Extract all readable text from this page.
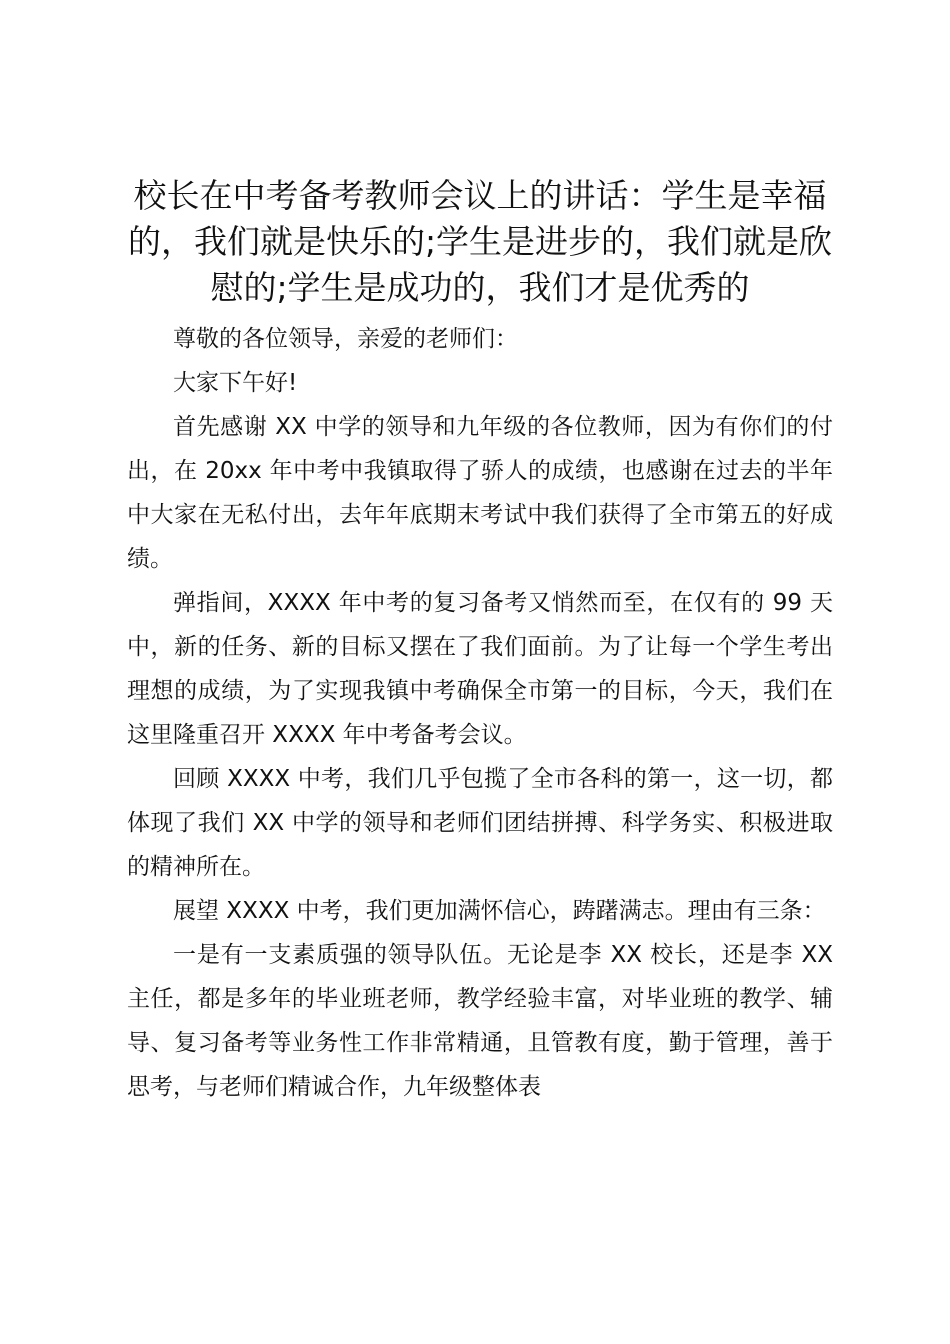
校长在中考备考教师会议上的讲话：学生是幸福的，我们就是快乐的;学生是进步的，我们就是欣慰的;学生是成功的，我们才是优秀的

尊敬的各位领导，亲爱的老师们：

大家下午好!

首先感谢 XX 中学的领导和九年级的各位教师，因为有你们的付出，在 20xx 年中考中我镇取得了骄人的成绩，也感谢在过去的半年中大家在无私付出，去年年底期末考试中我们获得了全市第五的好成绩。

弹指间，XXXX 年中考的复习备考又悄然而至，在仅有的 99 天中，新的任务、新的目标又摆在了我们面前。为了让每一个学生考出理想的成绩，为了实现我镇中考确保全市第一的目标，今天，我们在这里隆重召开 XXXX 年中考备考会议。

回顾 XXXX 中考，我们几乎包揽了全市各科的第一，这一切，都体现了我们 XX 中学的领导和老师们团结拼搏、科学务实、积极进取的精神所在。

展望 XXXX 中考，我们更加满怀信心，踌躇满志。理由有三条：

一是有一支素质强的领导队伍。无论是李 XX 校长，还是李 XX 主任，都是多年的毕业班老师，教学经验丰富，对毕业班的教学、辅导、复习备考等业务性工作非常精通，且管教有度，勤于管理，善于思考，与老师们精诚合作，九年级整体表
